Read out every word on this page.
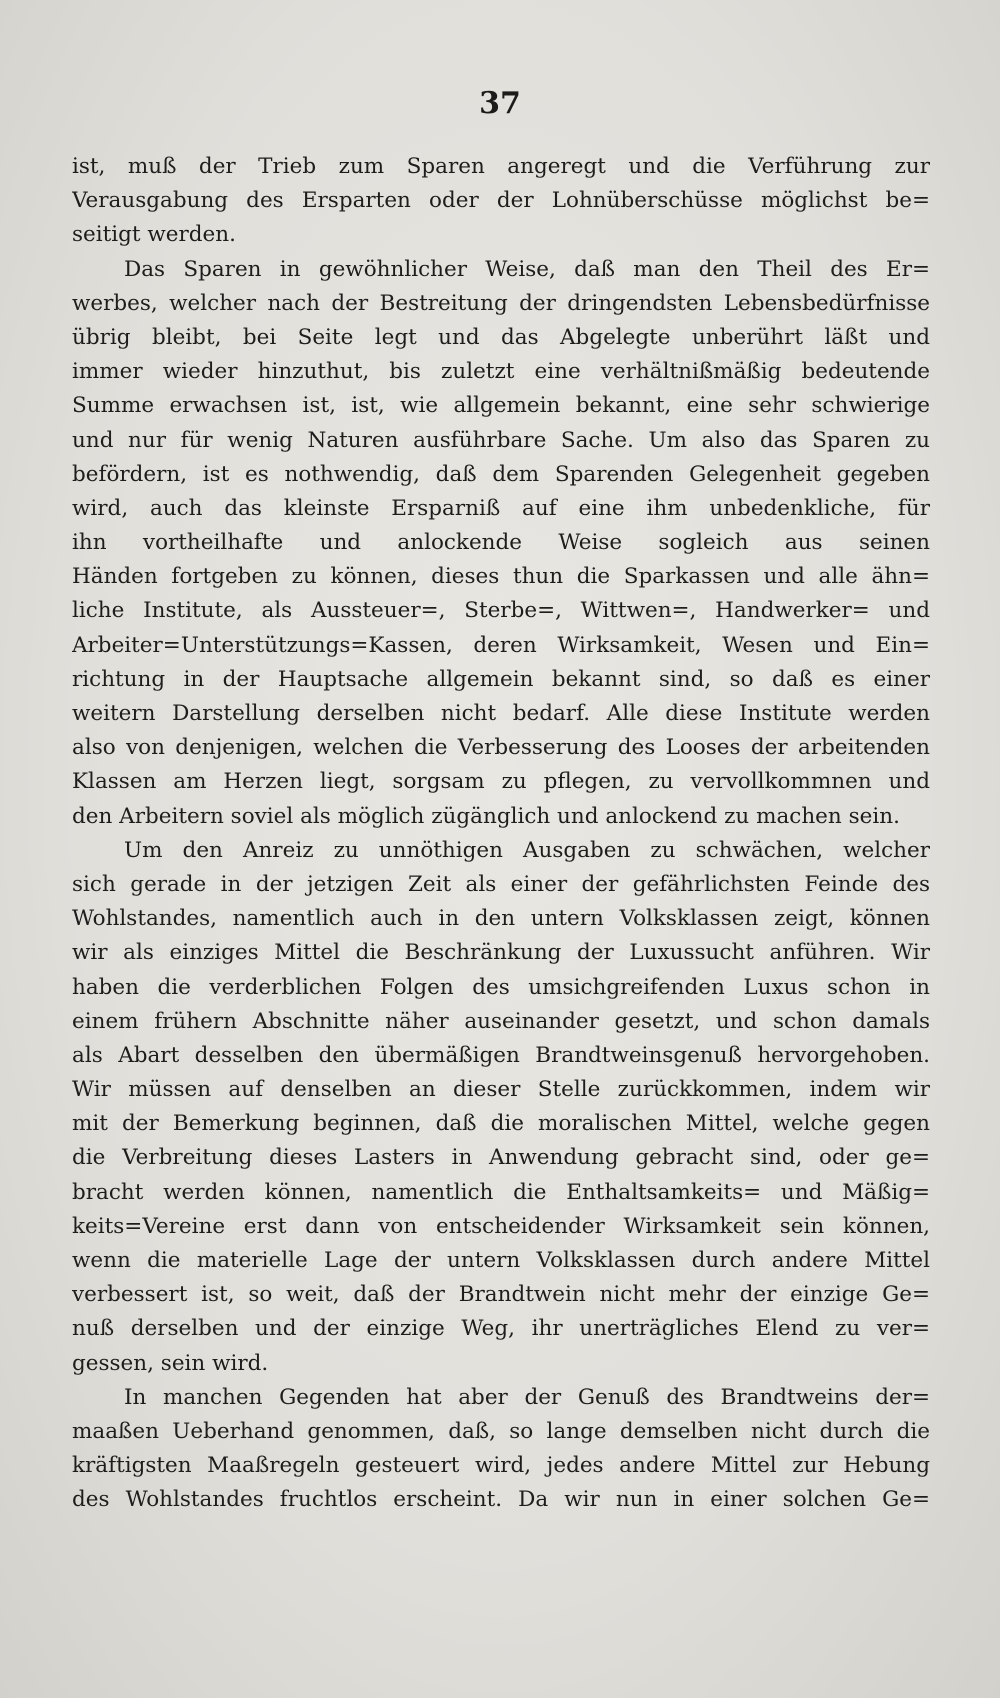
37
ist, muß der Trieb zum Sparen angeregt und die Verführung zur
Verausgabung des Ersparten oder der Lohnüberschüsse möglichst be=
seitigt werden.
Das Sparen in gewöhnlicher Weise, daß man den Theil des Er=
werbes, welcher nach der Bestreitung der dringendsten Lebensbedürfnisse
übrig bleibt, bei Seite legt und das Abgelegte unberührt läßt und
immer wieder hinzuthut, bis zuletzt eine verhältnißmäßig bedeutende
Summe erwachsen ist, ist, wie allgemein bekannt, eine sehr schwierige
und nur für wenig Naturen ausführbare Sache. Um also das Sparen zu
befördern, ist es nothwendig, daß dem Sparenden Gelegenheit gegeben
wird, auch das kleinste Ersparniß auf eine ihm unbedenkliche, für
ihn vortheilhafte und anlockende Weise sogleich aus seinen
Händen fortgeben zu können, dieses thun die Sparkassen und alle ähn=
liche Institute, als Aussteuer=, Sterbe=, Wittwen=, Handwerker= und
Arbeiter=Unterstützungs=Kassen, deren Wirksamkeit, Wesen und Ein=
richtung in der Hauptsache allgemein bekannt sind, so daß es einer
weitern Darstellung derselben nicht bedarf. Alle diese Institute werden
also von denjenigen, welchen die Verbesserung des Looses der arbeitenden
Klassen am Herzen liegt, sorgsam zu pflegen, zu vervollkommnen und
den Arbeitern soviel als möglich zügänglich und anlockend zu machen sein.
Um den Anreiz zu unnöthigen Ausgaben zu schwächen, welcher
sich gerade in der jetzigen Zeit als einer der gefährlichsten Feinde des
Wohlstandes, namentlich auch in den untern Volksklassen zeigt, können
wir als einziges Mittel die Beschränkung der Luxussucht anführen. Wir
haben die verderblichen Folgen des umsichgreifenden Luxus schon in
einem frühern Abschnitte näher auseinander gesetzt, und schon damals
als Abart desselben den übermäßigen Brandtweinsgenuß hervorgehoben.
Wir müssen auf denselben an dieser Stelle zurückkommen, indem wir
mit der Bemerkung beginnen, daß die moralischen Mittel, welche gegen
die Verbreitung dieses Lasters in Anwendung gebracht sind, oder ge=
bracht werden können, namentlich die Enthaltsamkeits= und Mäßig=
keits=Vereine erst dann von entscheidender Wirksamkeit sein können,
wenn die materielle Lage der untern Volksklassen durch andere Mittel
verbessert ist, so weit, daß der Brandtwein nicht mehr der einzige Ge=
nuß derselben und der einzige Weg, ihr unerträgliches Elend zu ver=
gessen, sein wird.
In manchen Gegenden hat aber der Genuß des Brandtweins der=
maaßen Ueberhand genommen, daß, so lange demselben nicht durch die
kräftigsten Maaßregeln gesteuert wird, jedes andere Mittel zur Hebung
des Wohlstandes fruchtlos erscheint. Da wir nun in einer solchen Ge=
